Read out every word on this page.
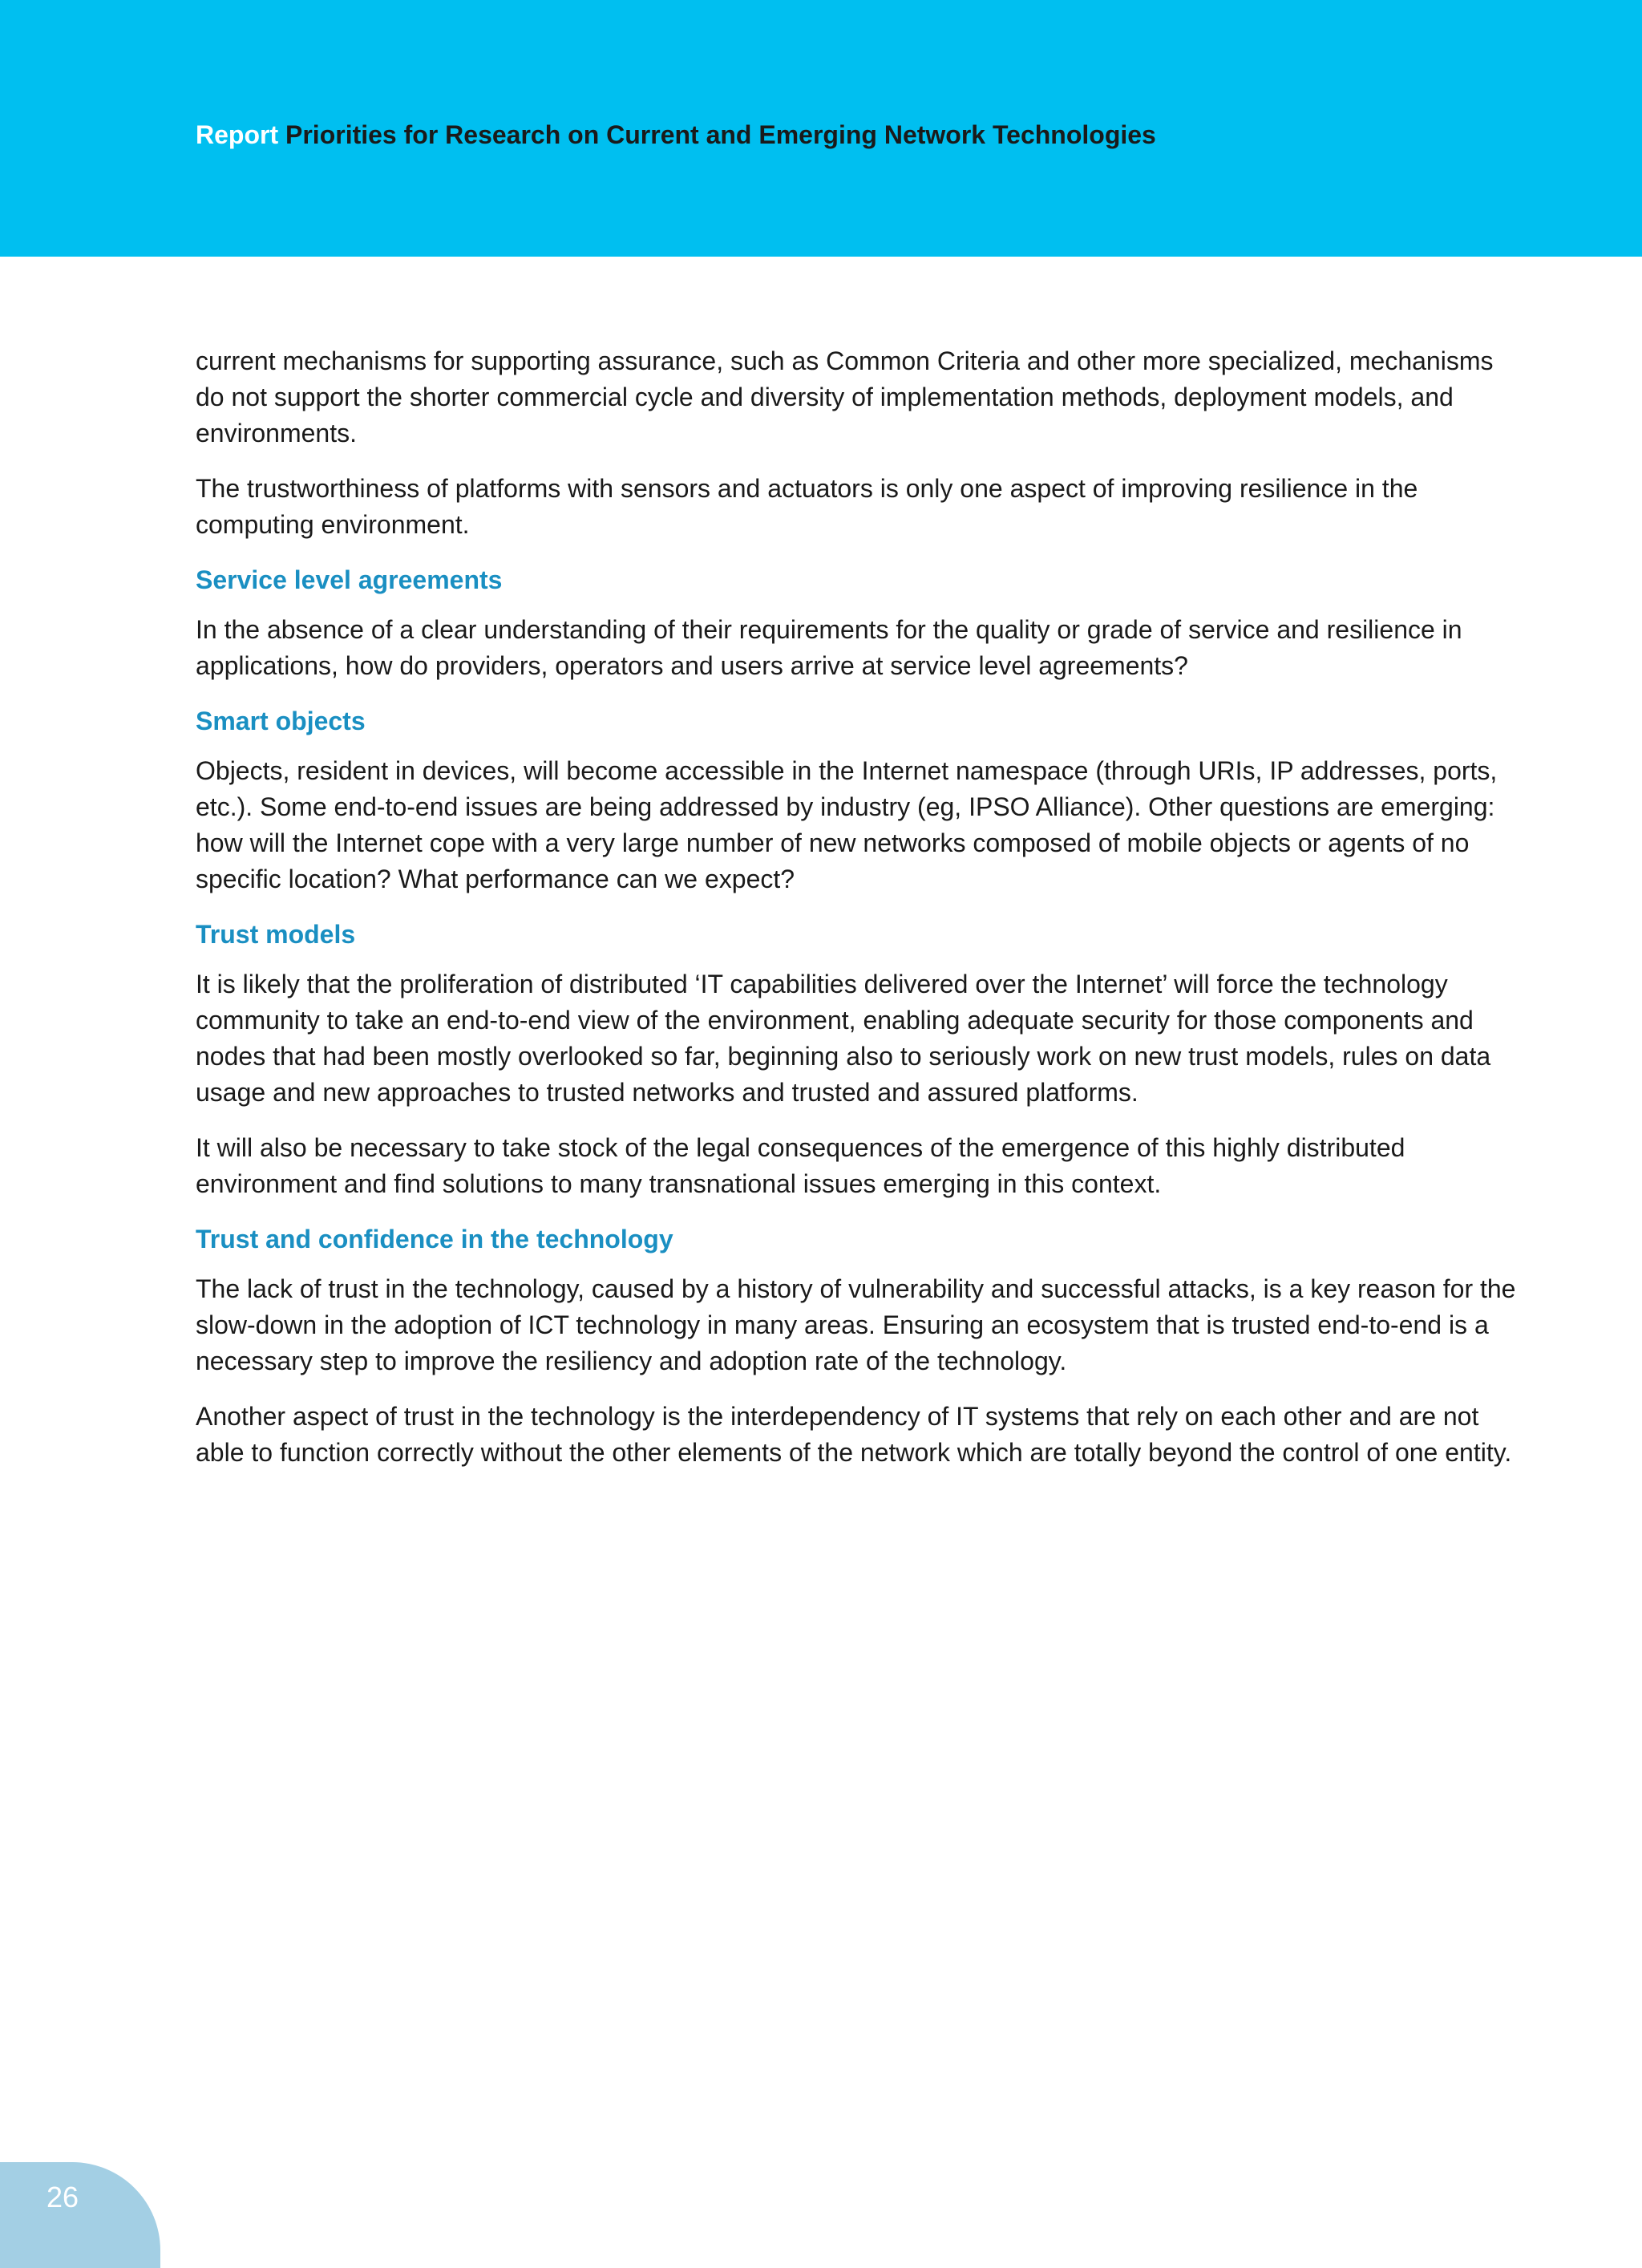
Report Priorities for Research on Current and Emerging Network Technologies

current mechanisms for supporting assurance, such as Common Criteria and other more specialized, mechanisms do not support the shorter commercial cycle and diversity of implementation methods, deployment models, and environments.

The trustworthiness of platforms with sensors and actuators is only one aspect of improving resilience in the computing environment.

Service level agreements

In the absence of a clear understanding of their requirements for the quality or grade of service and resilience in applications, how do providers, operators and users arrive at service level agreements?

Smart objects

Objects, resident in devices, will become accessible in the Internet namespace (through URIs, IP addresses, ports, etc.). Some end-to-end issues are being addressed by industry (eg, IPSO Alliance). Other questions are emerging: how will the Internet cope with a very large number of new networks composed of mobile objects or agents of no specific location? What performance can we expect?

Trust models

It is likely that the proliferation of distributed ‘IT capabilities delivered over the Internet’ will force the technology community to take an end-to-end view of the environment, enabling adequate security for those components and nodes that had been mostly overlooked so far, beginning also to seriously work on new trust models, rules on data usage and new approaches to trusted networks and trusted and assured platforms.

It will also be necessary to take stock of the legal consequences of the emergence of this highly distributed environment and find solutions to many transnational issues emerging in this context.

Trust and confidence in the technology

The lack of trust in the technology, caused by a history of vulnerability and successful attacks, is a key reason for the slow-down in the adoption of ICT technology in many areas. Ensuring an ecosystem that is trusted end-to-end is a necessary step to improve the resiliency and adoption rate of the technology.

Another aspect of trust in the technology is the interdependency of IT systems that rely on each other and are not able to function correctly without the other elements of the network which are totally beyond the control of one entity.

26
